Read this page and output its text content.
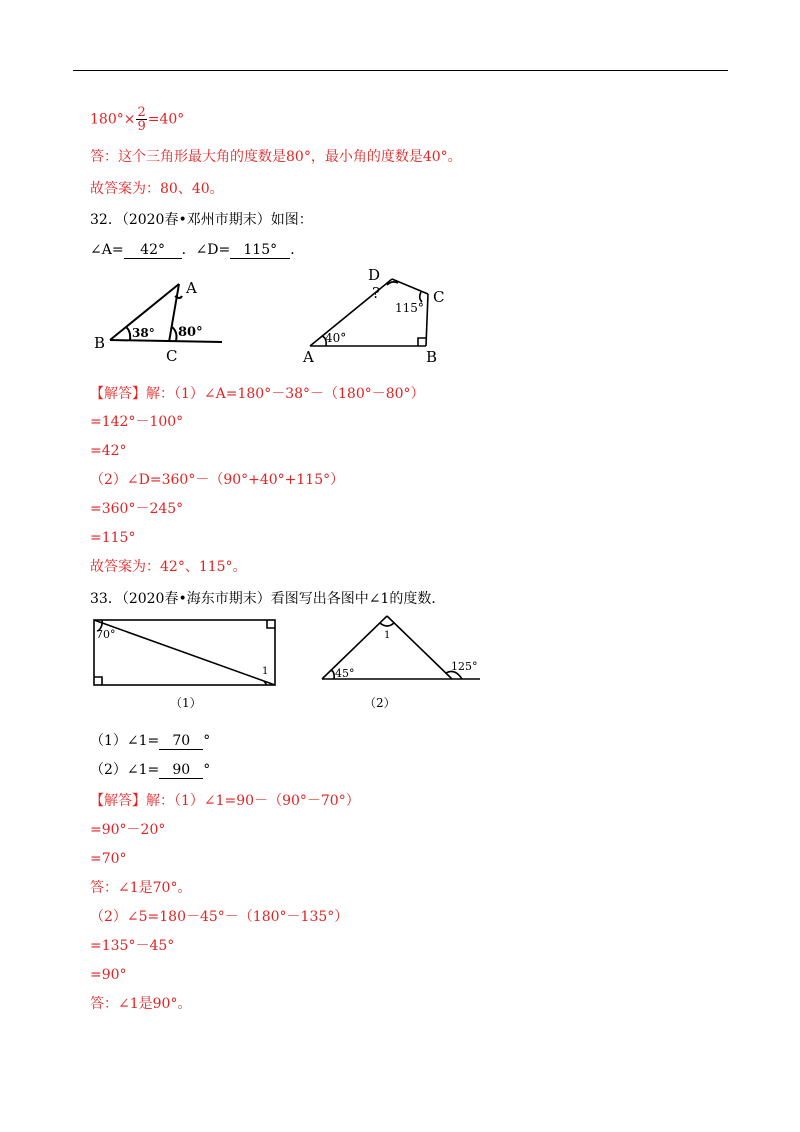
$180^\circ\times \frac{2}{9} =40^\circ$
答：这个三角形最大角的度数是80°，最小角的度数是40°。
故答案为：80、40。
32．（2020春•邓州市期末）如图：
∠A= 42° ．∠D= 115° ．
A
B
C
38° 80°
A	B
C
D
40°
115°
?
70°
1
（1）
45°
125°
1
（2）
【解答】解：（1）∠A=180°－38°－（180°－80°）
=142°－100°
=42°
（2）∠D=360°－（90°+40°+115°）
=360°－245°
=115°
故答案为：42°、115°。
33．（2020春•海东市期末）看图写出各图中∠1的度数．
（1）∠1= 70 °
（2）∠1= 90 °
【解答】解：（1）∠1=90－（90°－70°）
=90°－20°
=70°
答：∠1是70°。
（2）∠5=180－45°－（180°－135°）
=135°－45°
=90°
答：∠1是90°。
